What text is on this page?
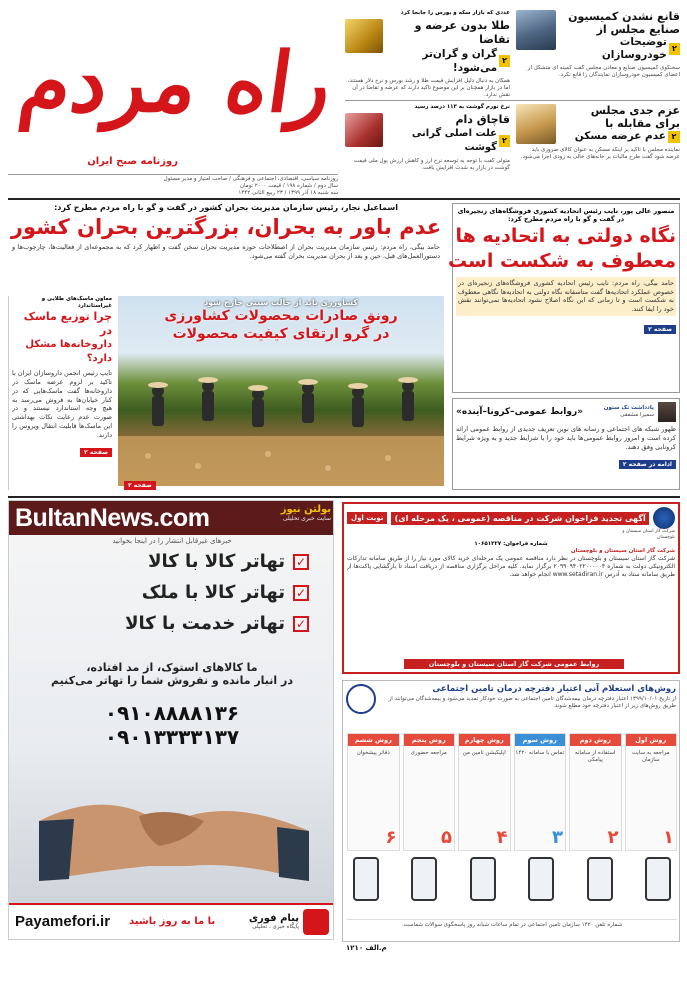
راه مردم
روزنامه صبح ایران
روزنامه سیاسی، اقتصادی، اجتماعی و فرهنگی / صاحب امتیاز و مدیر مسئول
سال دوم / شماره ۱۹۸ / قیمت ۲۰۰۰ تومان
سه شنبه ۱۸ آذر ۱۳۹۹ / ۲۳ ربیع الثانی ۱۴۴۲
عددی که بازار سکه و بورس را جابجا کرد
طلا بدون عرضه و تقاضا
۲
گران و گران‌تر می‌شود!
همگان به دنبال دلیل افزایش قیمت طلا و رشد بورس و نرخ دلار هستند، اما در بازار همچنان بر این موضوع تاکید دارند که عرضه و تقاضا در آن نقش ندارد.
قانع نشدن کمیسیون
صنایع مجلس از
۲
توضیحات خودروسازان
سخنگوی کمیسیون صنایع و معادن مجلس گفت کمیته ای متشکل از اعضای کمیسیون خودروسازان نمایندگان را قانع نکرد.
نرخ تورم گوشت به ۱۱۳ درصد رسید
قاچاق دام
۲
علت اصلی گرانی گوشت
متولی گفت با توجه به توسعه نرخ ارز و کاهش ارزش پول ملی قیمت گوشت در بازار به شدت افزایش یافت.
عزم جدی مجلس
برای مقابله با
۲
عدم عرضه مسکن
نماینده مجلس با تاکید بر اینکه مسکن به عنوان کالای ضروری باید عرضه شود گفت طرح مالیات بر خانه‌های خالی به زودی اجرا می‌شود.
اسماعیل نجار، رئیس سازمان مدیریت بحران کشور در گفت و گو با راه مردم مطرح کرد:
عدم باور به بحران، بزرگترین بحران کشور
حامد بیگی، راه مردم: رئیس سازمان مدیریت بحران از اصطلاحات حوزه مدیریت بحران سخن گفت و اظهار کرد که به مجموعه‌ای از فعالیت‌ها، چارچوب‌ها و دستورالعمل‌های قبل، حین و بعد از بحران مدیریت بحران گفته می‌شود.
کشاورزی باید از حالت سنتی خارج شود
رونق صادرات محصولات کشاورزی
در گرو ارتقای کیفیت محصولات
صفحه ۲
معاون ماسک‌های طلایی و غیراستاندارد
چرا توزیع ماسک در
داروخانه‌ها مشکل دارد؟
تایپ رئیس انجمن داروسازان ایران با تاکید بر لزوم عرضه ماسک در داروخانه‌ها گفت ماسک‌هایی که در کنار خیابان‌ها به فروش می‌رسد به هیچ وجه استاندارد نیستند و در صورت عدم رعایت نکات بهداشتی این ماسک‌ها قابلیت انتقال ویروس را دارند.
صفحه ۲
منصور عالی پور، نایب رئیس اتحادیه کشوری فروشگاه‌های زنجیره‌ای در گفت و گو با راه مردم مطرح کرد:
نگاه دولتی به اتحادیه ها
معطوف به شکست است
حامد بیگی، راه مردم: نایب رئیس اتحادیه کشوری فروشگاه‌های زنجیره‌ای در خصوص عملکرد اتحادیه‌ها گفت متاسفانه نگاه دولتی به اتحادیه‌ها نگاهی معطوف به شکست است و تا زمانی که این نگاه اصلاح نشود اتحادیه‌ها نمی‌توانند نقش خود را ایفا کنند.
صفحه ۲
یادداشت تک ستون
سمیرا مشفقی
«روابط عمومی–کرونا–آینده»
ظهور شبکه های اجتماعی و رسانه های نوین تعریف جدیدی از روابط عمومی ارائه کرده است و امروز روابط عمومی‌ها باید خود را با شرایط جدید و به ویژه شرایط کرونایی وفق دهند.
ادامه در صفحه ۲
BultanNews.com	بولتن نیوز
سایت خبری تحلیلی
خبرهای غیرقابل انتشار را در اینجا بخوانید
✓
تهاتر کالا با کالا
✓
تهاتر کالا با ملک
✓
تهاتر خدمت با کالا
ما کالاهای استوک، از مد افتاده،
در انبار مانده و نفروش شما را تهاتر می‌کنیم
۰۹۱۰۸۸۸۸۱۳۶
۰۹۰۱۳۳۳۳۱۳۷
Payamefori.ir با ما به روز باشید	پیام فوری
پایگاه خبری ، تحلیلی
آگهی تجدید فراخوان شرکت در مناقصه (عمومی ، یک مرحله ای)
نوبت اول
شرکت گاز استان سیستان و بلوچستان
شماره فراخوان: ۱۰۶۵۱۳۲۷
شرکت گاز استان سیستان و بلوچستان
شرکت گاز استان سیستان و بلوچستان در نظر دارد مناقصه عمومی یک مرحله‌ای خرید کالای مورد نیاز را از طریق سامانه تدارکات الکترونیکی دولت به شماره ۲۰۹۹۰۹۴۰۲۲۰۰۰۰۰۴ برگزار نماید. کلیه مراحل برگزاری مناقصه از دریافت اسناد تا بازگشایی پاکت‌ها از طریق سامانه ستاد به آدرس www.setadiran.ir انجام خواهد شد.
روابط عمومی شرکت گاز استان سیستان و بلوچستان
روش‌های استعلام آنی اعتبار دفترچه درمان تامین اجتماعی
از تاریخ ۱۳۹۹/۱۰/۰۱ اعتبار دفترچه درمان بیمه‌شدگان تامین اجتماعی به صورت خودکار تمدید می‌شود و بیمه‌شدگان می‌توانند از طریق روش‌های زیر از اعتبار دفترچه خود مطلع شوند.
روش اول
مراجعه به سایت سازمان
۱
روش دوم
استفاده از سامانه پیامکی
۲
روش سوم
تماس با سامانه ۱۴۲۰
۳
روش چهارم
اپلیکیشن تامین من
۴
روش پنجم
مراجعه حضوری
۵
روش ششم
دفاتر پیشخوان
۶
شماره تلفن ۱۴۲۰ سازمان تامین اجتماعی در تمام ساعات شبانه روز پاسخگوی سوالات شماست.
م.الف ۱۲۱۰
